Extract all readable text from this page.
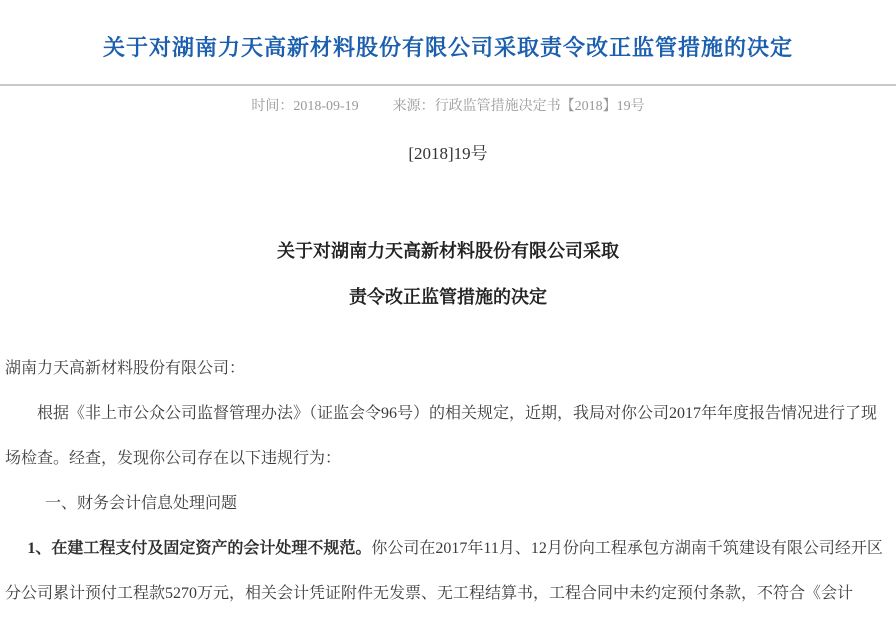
关于对湖南力天高新材料股份有限公司采取责令改正监管措施的决定
时间：2018-09-19 来源：行政监管措施决定书【2018】19号
[2018]19号
关于对湖南力天高新材料股份有限公司采取
责令改正监管措施的决定
湖南力天高新材料股份有限公司：

根据《非上市公众公司监督管理办法》（证监会令96号）的相关规定，近期，我局对你公司2017年年度报告情况进行了现场检查。经查，发现你公司存在以下违规行为：

一、财务会计信息处理问题

1、在建工程支付及固定资产的会计处理不规范。你公司在2017年11月、12月份向工程承包方湖南千筑建设有限公司经开区分公司累计预付工程款5270万元，相关会计凭证附件无发票、无工程结算书，工程合同中未约定预付条款，不符合《会计
